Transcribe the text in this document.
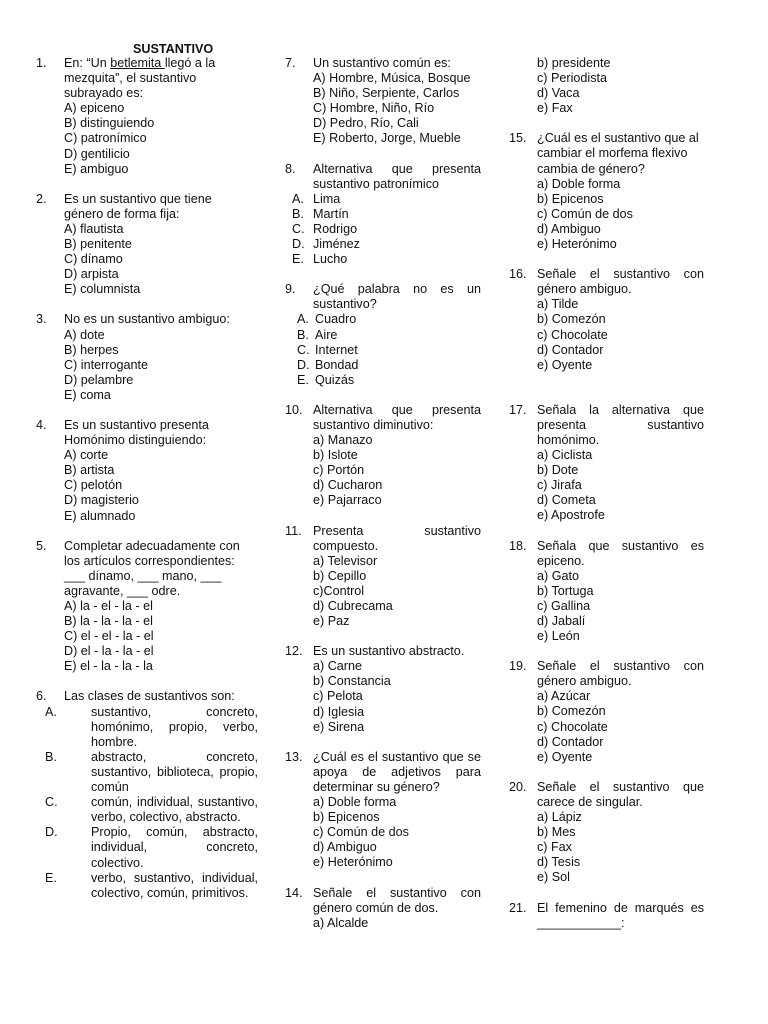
SUSTANTIVO
1. En: “Un betlemita llegó a la
mezquita”, el sustantivo
subrayado es:
A) epiceno
B) distinguiendo
C) patronímico
D) gentilicio
E) ambiguo
2. Es un sustantivo que tiene
género de forma fija:
A) flautista
B) penitente
C) dínamo
D) arpista
E) columnista
3. No es un sustantivo ambiguo:
A) dote
B) herpes
C) interrogante
D) pelambre
E) coma
4. Es un sustantivo presenta
Homónimo distinguiendo:
A) corte
B) artista
C) pelotón
D) magisterio
E) alumnado
5. Completar adecuadamente con
los artículos correspondientes:
___ dínamo, ___ mano, ___
agravante, ___ odre.
A) la - el - la - el
B) la - la - la - el
C) el - el - la - el
D) el - la - la - el
E) el - la - la - la
6. Las clases de sustantivos son:
A.	sustantivo, concreto,
homónimo, propio, verbo,
hombre.
B.	abstracto, concreto,
sustantivo, biblioteca, propio,
común
C.	común, individual, sustantivo,
verbo, colectivo, abstracto.
D.	Propio, común, abstracto,
individual, concreto,
colectivo.
E.	verbo, sustantivo, individual,
colectivo, común, primitivos.
7. Un sustantivo común es:
A) Hombre, Música, Bosque
B) Niño, Serpiente, Carlos
C) Hombre, Niño, Río
D) Pedro, Río, Cali
E) Roberto, Jorge, Mueble
8. Alternativa que presenta
sustantivo patronímico
A. Lima
B. Martín
C. Rodrigo
D. Jiménez
E. Lucho
9. ¿Qué palabra no es un
sustantivo?
A. Cuadro
B. Aire
C. Internet
D. Bondad
E. Quizás
10. Alternativa que presenta
sustantivo diminutivo:
a) Manazo
b) Islote
c) Portón
d) Cucharon
e) Pajarraco
11. Presenta sustantivo
compuesto.
a) Televisor
b) Cepillo
c)Control
d) Cubrecama
e) Paz
12. Es un sustantivo abstracto.
a) Carne
b) Constancia
c) Pelota
d) Iglesia
e) Sirena
13. ¿Cuál es el sustantivo que se
apoya de adjetivos para
determinar su género?
a) Doble forma
b) Epicenos
c) Común de dos
d) Ambiguo
e) Heterónimo
14. Señale el sustantivo con
género común de dos.
a) Alcalde
b) presidente
c) Periodista
d) Vaca
e) Fax
15. ¿Cuál es el sustantivo que al
cambiar el morfema flexivo
cambia de género?
a) Doble forma
b) Epicenos
c) Común de dos
d) Ambiguo
e) Heterónimo
16. Señale el sustantivo con
género ambiguo.
a) Tilde
b) Comezón
c) Chocolate
d) Contador
e) Oyente
17. Señala la alternativa que
presenta sustantivo
homónimo.
a) Ciclista
b) Dote
c) Jirafa
d) Cometa
e) Apostrofe
18. Señala que sustantivo es
epiceno.
a) Gato
b) Tortuga
c) Gallina
d) Jabalí
e) León
19. Señale el sustantivo con
género ambiguo.
a) Azúcar
b) Comezón
c) Chocolate
d) Contador
e) Oyente
20. Señale el sustantivo que
carece de singular.
a) Lápiz
b) Mes
c) Fax
d) Tesis
e) Sol
21. El femenino de marqués es
____________:
